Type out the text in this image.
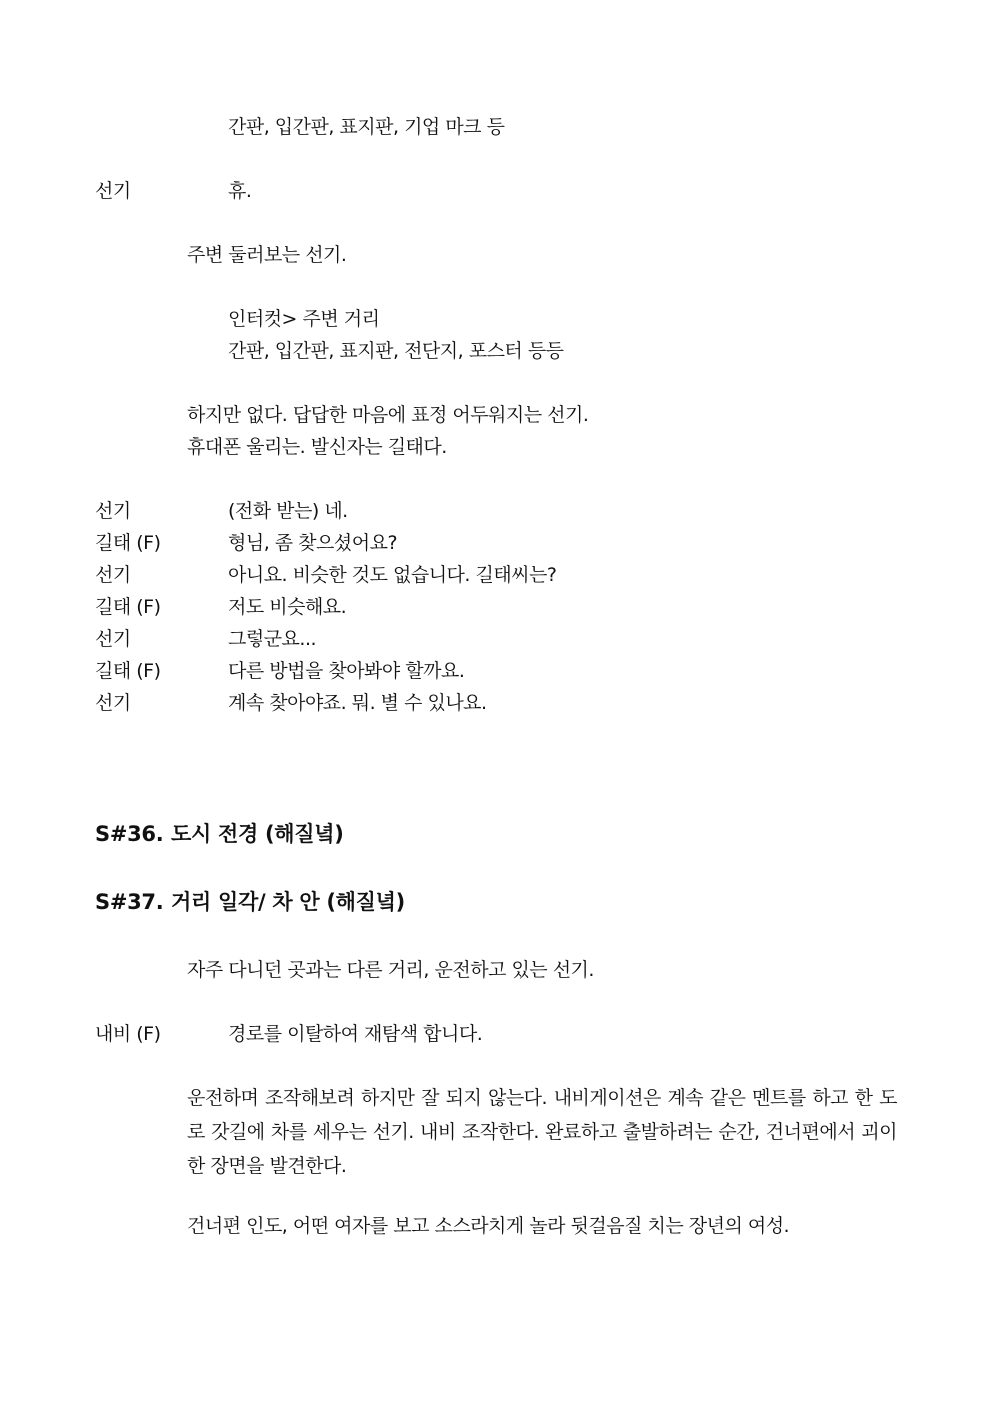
간판, 입간판, 표지판, 기업 마크 등
선기	휴.
주변 둘러보는 선기.
인터컷> 주변 거리
간판, 입간판, 표지판, 전단지, 포스터 등등
하지만 없다. 답답한 마음에 표정 어두워지는 선기.
휴대폰 울리는. 발신자는 길태다.
선기	(전화 받는) 네.
길태 (F)	형님, 좀 찾으셨어요?
선기	아니요. 비슷한 것도 없습니다. 길태씨는?
길태 (F)	저도 비슷해요.
선기	그렇군요...
길태 (F)	다른 방법을 찾아봐야 할까요.
선기	계속 찾아야죠. 뭐. 별 수 있나요.
S#36. 도시 전경 (해질녘)
S#37. 거리 일각/ 차 안 (해질녘)
자주 다니던 곳과는 다른 거리, 운전하고 있는 선기.
내비 (F)	경로를 이탈하여 재탐색 합니다.
운전하며 조작해보려 하지만 잘 되지 않는다. 내비게이션은 계속 같은 멘트를 하고 한 도로 갓길에 차를 세우는 선기. 내비 조작한다. 완료하고 출발하려는 순간, 건너편에서 괴이한 장면을 발견한다.
건너편 인도, 어떤 여자를 보고 소스라치게 놀라 뒷걸음질 치는 장년의 여성.
